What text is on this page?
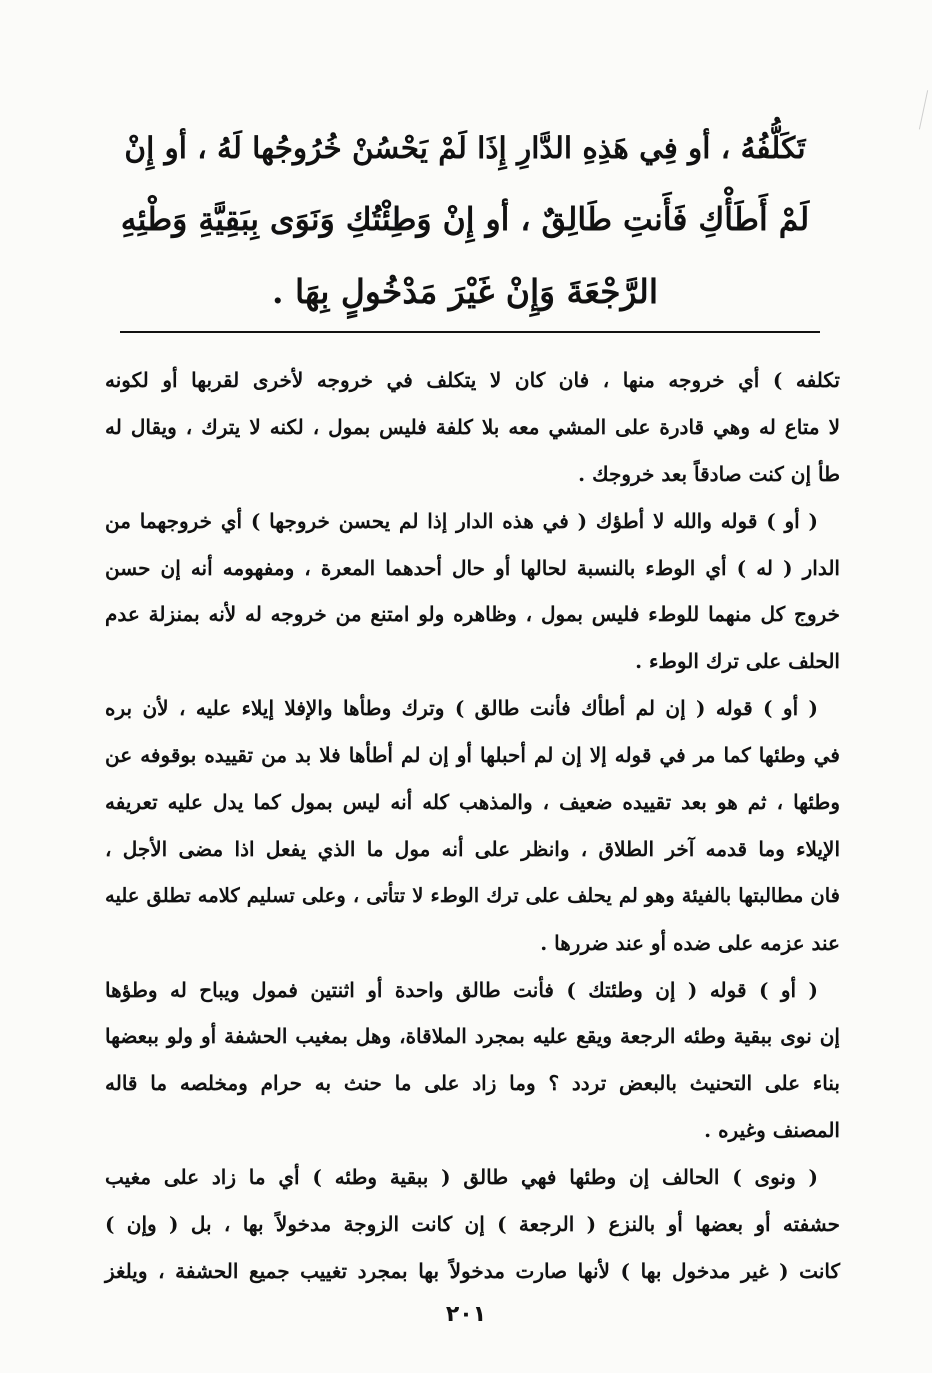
تَكَلُّفُهُ ، أو فِي هَذِهِ الدَّارِ إِذَا لَمْ يَحْسُنْ خُرُوجُها لَهُ ، أو إِنْ
لَمْ أَطَأْكِ فَأَنتِ طَالِقٌ ، أو إِنْ وَطِئْتُكِ وَنَوَى بِبَقِيَّةِ وَطْئِهِ
الرَّجْعَةَ وَإِنْ غَيْرَ مَدْخُولٍ بِهَا .
تكلفه ) أي خروجه منها ، فان كان لا يتكلف في خروجه لأخرى لقربها أو لكونه
لا متاع له وهي قادرة على المشي معه بلا كلفة فليس بمول ، لكنه لا يترك ، ويقال له
طأ إن كنت صادقاً بعد خروجك .
( أو ) قوله والله لا أطؤك ( في هذه الدار إذا لم يحسن خروجها ) أي خروجهما من
الدار ( له ) أي الوطء بالنسبة لحالها أو حال أحدهما المعرة ، ومفهومه أنه إن حسن
خروج كل منهما للوطء فليس بمول ، وظاهره ولو امتنع من خروجه له لأنه بمنزلة عدم
الحلف على ترك الوطء .
( أو ) قوله ( إن لم أطأك فأنت طالق ) وترك وطأها والإفلا إيلاء عليه ، لأن بره
في وطئها كما مر في قوله إلا إن لم أحبلها أو إن لم أطأها فلا بد من تقييده بوقوفه عن
وطئها ، ثم هو بعد تقييده ضعيف ، والمذهب كله أنه ليس بمول كما يدل عليه تعريفه
الإيلاء وما قدمه آخر الطلاق ، وانظر على أنه مول ما الذي يفعل اذا مضى الأجل ،
فان مطالبتها بالفيئة وهو لم يحلف على ترك الوطء لا تتأتى ، وعلى تسليم كلامه تطلق عليه
عند عزمه على ضده أو عند ضررها .
( أو ) قوله ( إن وطئتك ) فأنت طالق واحدة أو اثنتين فمول ويباح له وطؤها
إن نوى ببقية وطئه الرجعة ويقع عليه بمجرد الملاقاة، وهل بمغيب الحشفة أو ولو ببعضها
بناء على التحنيث بالبعض تردد ؟ وما زاد على ما حنث به حرام ومخلصه ما قاله
المصنف وغيره .
( ونوى ) الحالف إن وطئها فهي طالق ( ببقية وطئه ) أي ما زاد على مغيب
حشفته أو بعضها أو بالنزع ( الرجعة ) إن كانت الزوجة مدخولاً بها ، بل ( وإن )
كانت ( غير مدخول بها ) لأنها صارت مدخولاً بها بمجرد تغييب جميع الحشفة ، ويلغز
٢٠١
